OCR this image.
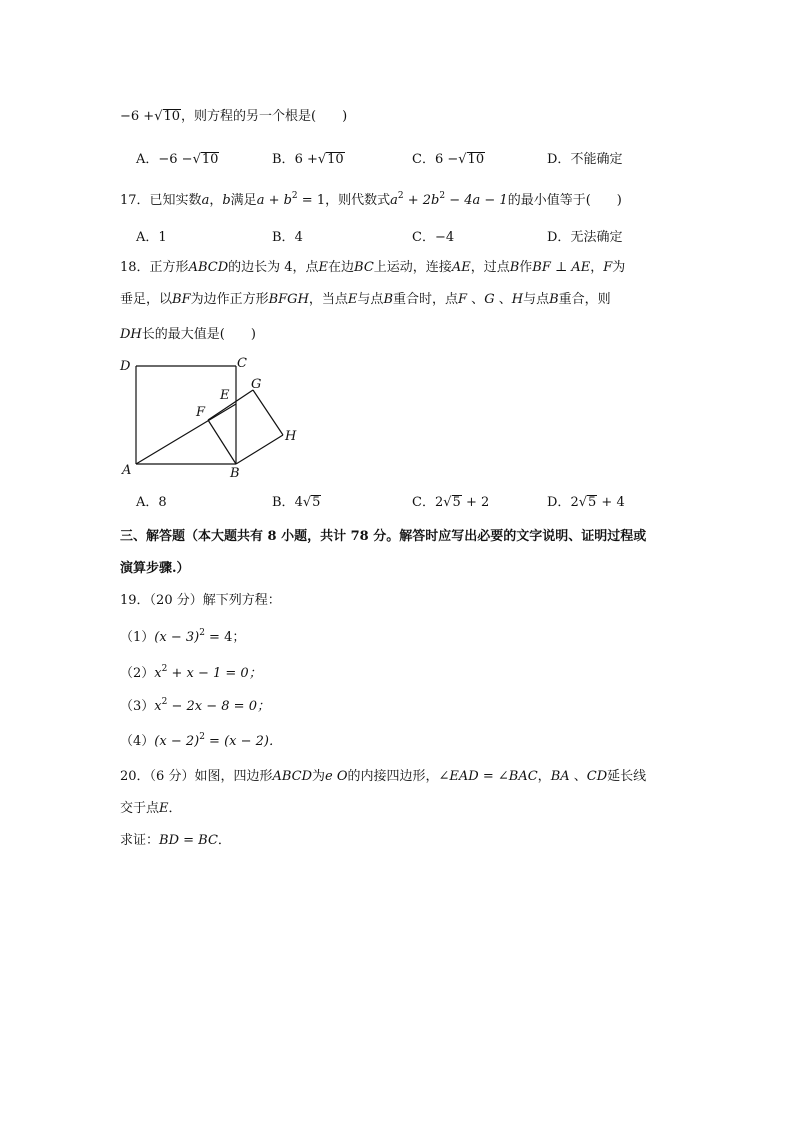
−6 +√10，则方程的另一个根是(　　)
A．−6 −√10	B．6 +√10	C．6 −√10	D．不能确定
17．已知实数a，b满足$a + b^2 = 1$，则代数式$a^2 + 2b^2 - 4a - 1$的最小值等于(　　)
A．1	B．4	C．−4	D．无法确定
18．正方形ABCD的边长为 4，点E在边BC上运动，连接AE，过点B作BF ⊥ AE，F为
垂足，以BF为边作正方形BFGH，当点E与点B重合时，点F 、G 、H与点B重合，则
DH长的最大值是(　　)
D	C
E
F
G
H
A	B
A．8	B．4√5	C．2√5 + 2	D．2√5 + 4
三、解答题（本大题共有 8 小题，共计 78 分。解答时应写出必要的文字说明、证明过程或
演算步骤.）
19．（20 分）解下列方程：
$(1)(x - 3)^2 = 4$；
$(2)x^2 + x - 1 = 0$；
$(3)x^2 - 2x - 8 = 0$；
$(4)(x - 2)^2 = (x - 2)$．
20．（6 分）如图，四边形ABCD为e O的内接四边形，∠EAD = ∠BAC，BA 、CD延长线
交于点E．
求证：BD = BC．
